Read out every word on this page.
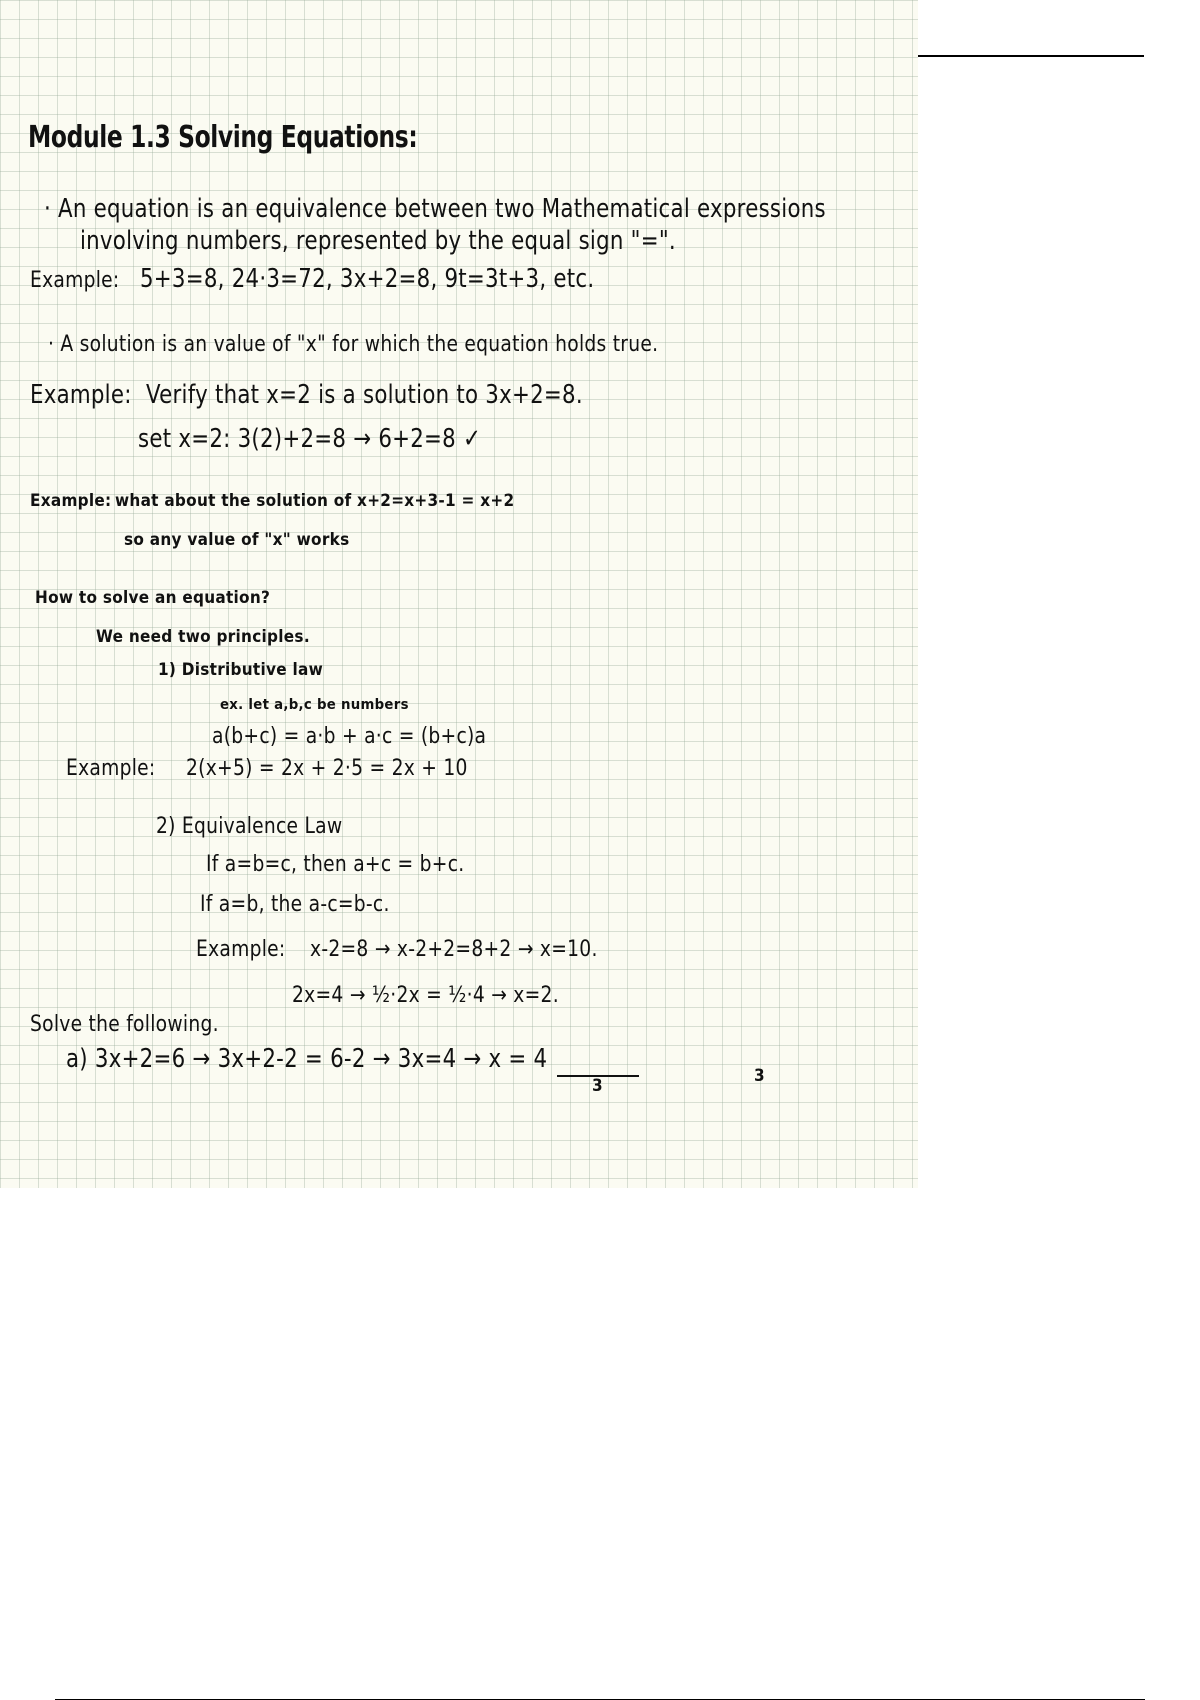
Module 1.3 Solving Equations:
· An equation is an equivalence between two Mathematical expressions
involving numbers, represented by the equal sign "=".
Example: 5+3=8, 24·3=72, 3x+2=8, 9t=3t+3, etc.
· A solution is an value of "x" for which the equation holds true.
Example: Verify that x=2 is a solution to 3x+2=8.
set x=2: 3(2)+2=8 → 6+2=8 ✓
Example: what about the solution of x+2=x+3-1 = x+2
so any value of "x" works
How to solve an equation?
We need two principles.
1) Distributive law
ex. let a,b,c be numbers
a(b+c) = a·b + a·c = (b+c)a
Example: 2(x+5) = 2x + 2·5 = 2x + 10
2) Equivalence Law
If a=b=c, then a+c = b+c.
If a=b, the a-c=b-c.
Example: x-2=8 → x-2+2=8+2 → x=10.
2x=4 → ½·2x = ½·4 → x=2.
Solve the following.
a) 3x+2=6 → 3x+2-2 = 6-2 → 3x=4 → x = 4
3	3
